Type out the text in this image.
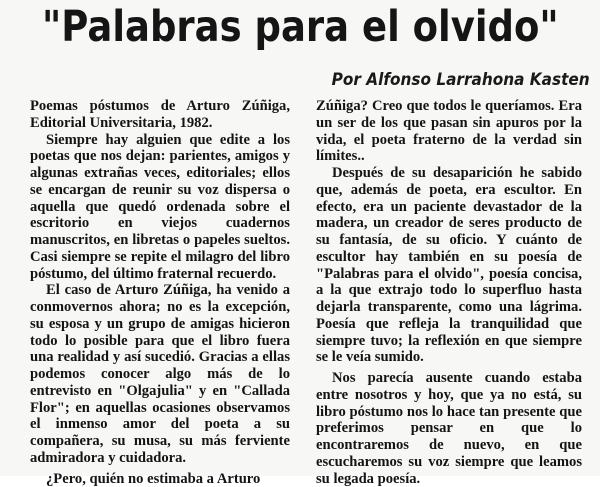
"Palabras para el olvido"
Por Alfonso Larrahona Kasten

Poemas póstumos de Arturo Zúñiga, Editorial Universitaria, 1982.

Siempre hay alguien que edite a los poetas que nos dejan: parientes, amigos y algunas extrañas veces, editoriales; ellos se encargan de reunir su voz dispersa o aquella que quedó ordenada sobre el escritorio en viejos cuadernos manuscritos, en libretas o papeles sueltos. Casi siempre se repite el milagro del libro póstumo, del último fraternal recuerdo.

El caso de Arturo Zúñiga, ha venido a conmovernos ahora; no es la excepción, su esposa y un grupo de amigas hicieron todo lo posible para que el libro fuera una realidad y así sucedió. Gracias a ellas podemos conocer algo más de lo entrevisto en "Olgajulia" y en "Callada Flor"; en aquellas ocasiones observamos el inmenso amor del poeta a su compañera, su musa, su más ferviente admiradora y cuidadora.

¿Pero, quién no estimaba a Arturo

Zúñiga? Creo que todos le queríamos. Era un ser de los que pasan sin apuros por la vida, el poeta fraterno de la verdad sin límites..

Después de su desaparición he sabido que, además de poeta, era escultor. En efecto, era un paciente devastador de la madera, un creador de seres producto de su fantasía, de su oficio. Y cuánto de escultor hay también en su poesía de "Palabras para el olvido", poesía concisa, a la que extrajo todo lo superfluo hasta dejarla transparente, como una lágrima. Poesía que refleja la tranquilidad que siempre tuvo; la reflexión en que siempre se le veía sumido.

Nos parecía ausente cuando estaba entre nosotros y hoy, que ya no está, su libro póstumo nos lo hace tan presente que preferimos pensar en que lo encontraremos de nuevo, en que escucharemos su voz siempre que leamos su legada poesía.
